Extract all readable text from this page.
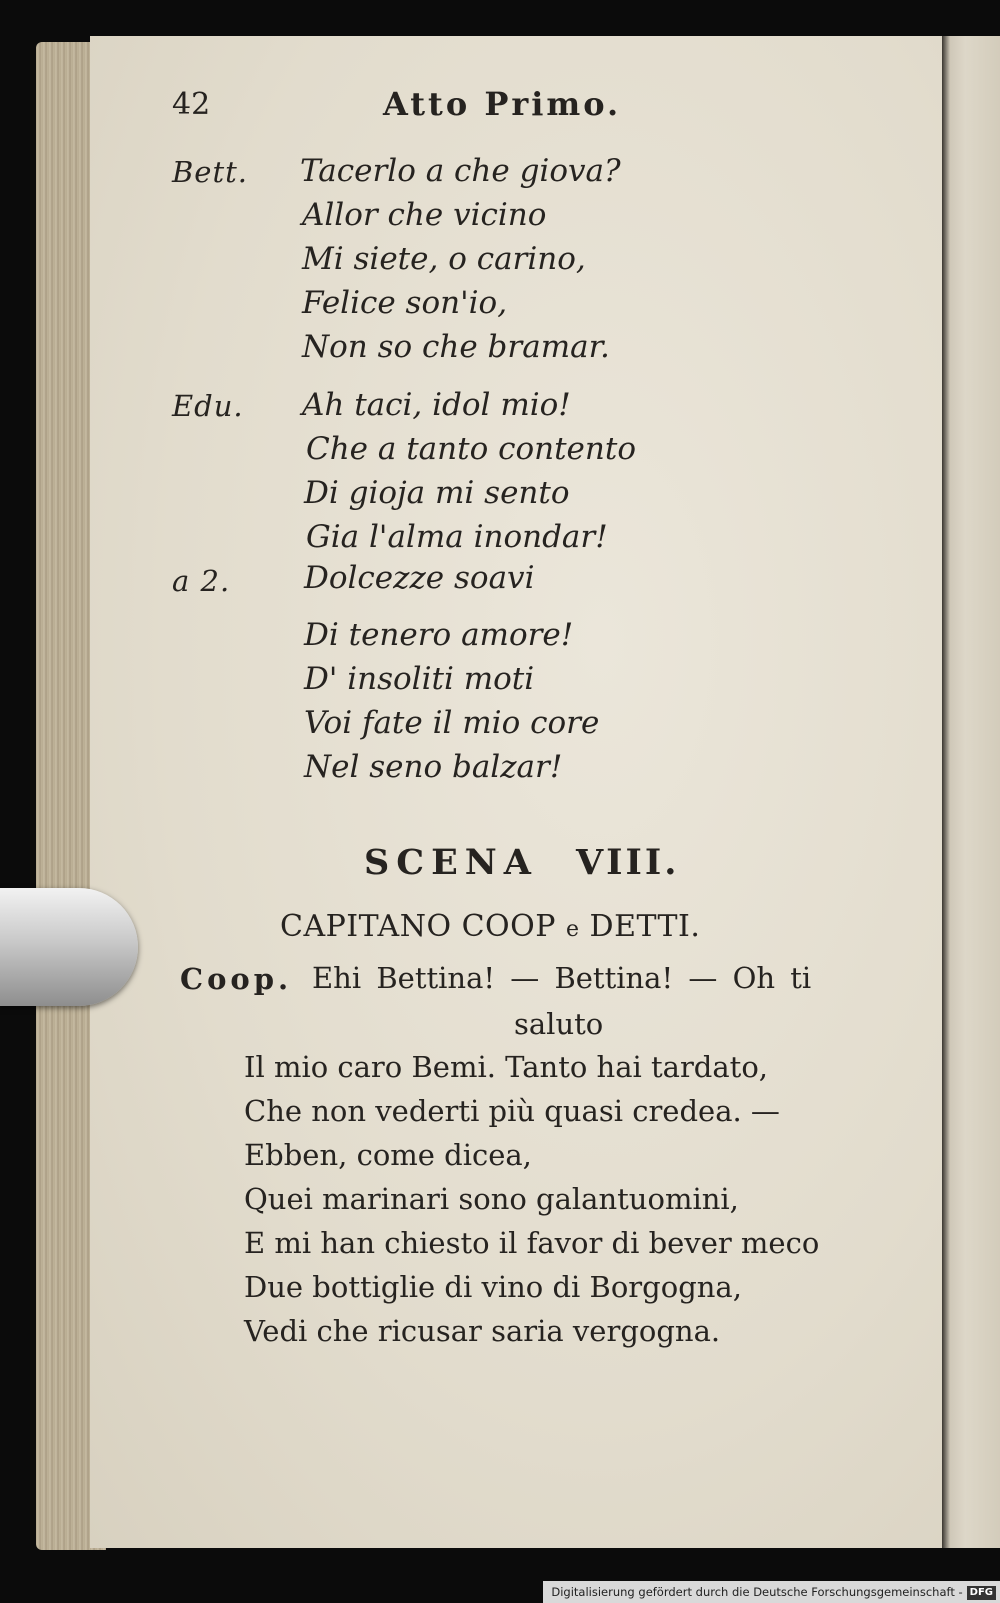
42	Atto Primo.
Bett. Tacerlo a che giova?
Allor che vicino
Mi siete, o carino,
Felice son'io,
Non so che bramar.
Edu. Ah taci, idol mio!
Che a tanto contento
Di gioja mi sento
Gia l'alma inondar!
a 2. Dolcezze soavi
Di tenero amore!
D' insoliti moti
Voi fate il mio core
Nel seno balzar!
SCENA VIII.
CAPITANO COOP e DETTI.
Coop. Ehi Bettina! — Bettina! — Oh ti
saluto
Il mio caro Bemi. Tanto hai tardato,
Che non vederti più quasi credea. —
Ebben, come dicea,
Quei marinari sono galantuomini,
E mi han chiesto il favor di bever meco
Due bottiglie di vino di Borgogna,
Vedi che ricusar saria vergogna.
Digitalisierung gefördert durch die Deutsche Forschungsgemeinschaft - DFG
